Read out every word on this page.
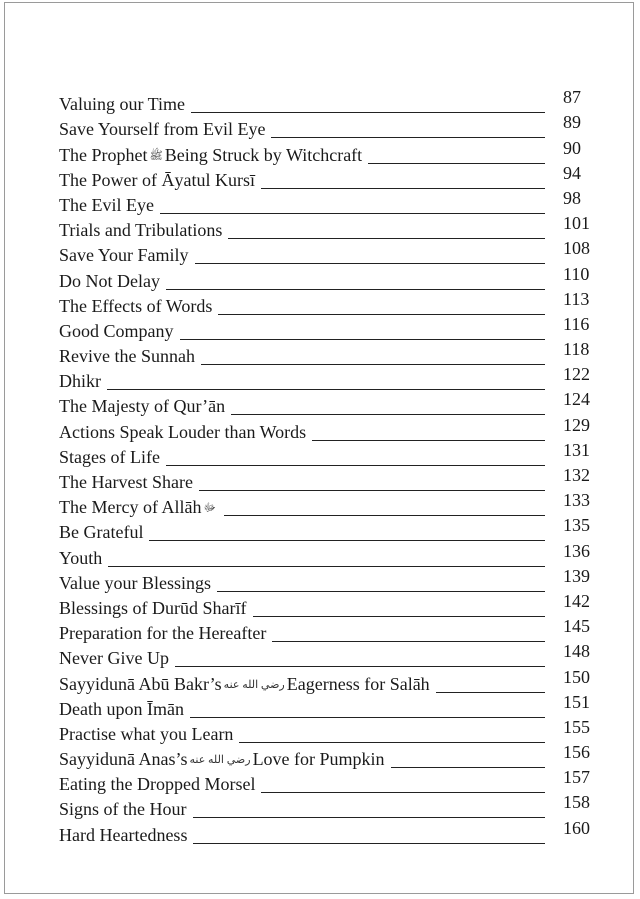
Valuing our Time	87
Save Yourself from Evil Eye	89
The Prophet ﷺ Being Struck by Witchcraft	90
The Power of Āyatul Kursī	94
The Evil Eye	98
Trials and Tribulations	101
Save Your Family	108
Do Not Delay	110
The Effects of Words	113
Good Company	116
Revive the Sunnah	118
Dhikr	122
The Majesty of Qur’ān	124
Actions Speak Louder than Words	129
Stages of Life	131
The Harvest Share	132
The Mercy of Allāh ﷻ	133
Be Grateful	135
Youth	136
Value your Blessings	139
Blessings of Durūd Sharīf	142
Preparation for the Hereafter	145
Never Give Up	148
Sayyidunā Abū Bakr’s رضي الله عنه Eagerness for Salāh	150
Death upon Īmān	151
Practise what you Learn	155
Sayyidunā Anas’s رضي الله عنه Love for Pumpkin	156
Eating the Dropped Morsel	157
Signs of the Hour	158
Hard Heartedness	160
